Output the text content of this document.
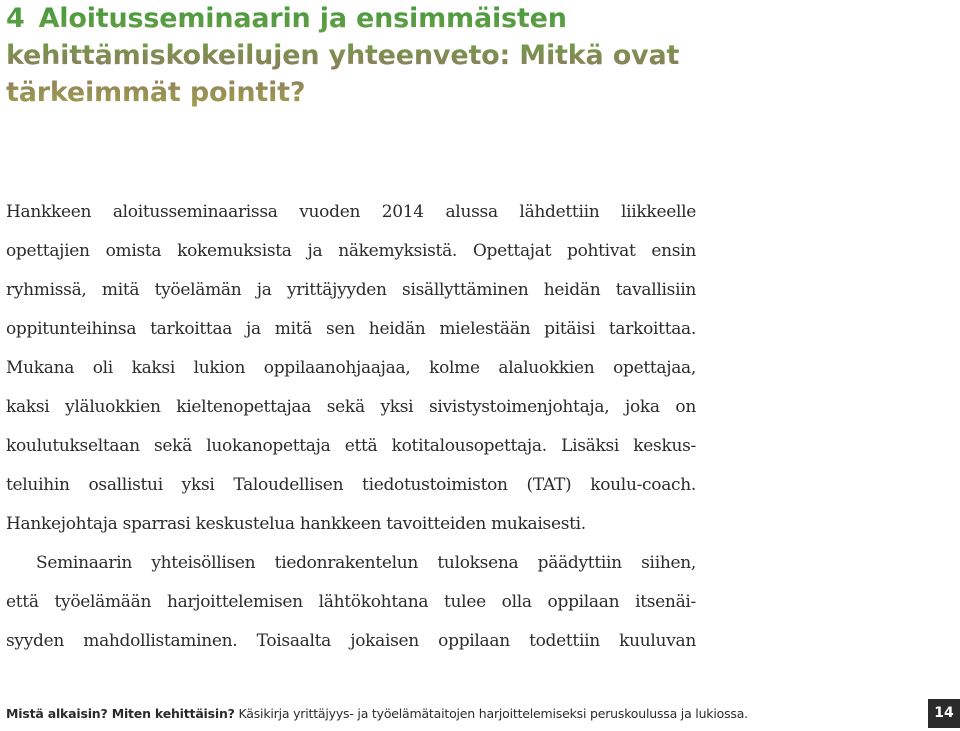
4 Aloitusseminaarin ja ensimmäisten
kehittämiskokeilujen yhteenveto: Mitkä ovat
tärkeimmät pointit?
Hankkeen aloitusseminaarissa vuoden 2014 alussa lähdettiin liikkeelle
opettajien omista kokemuksista ja näkemyksistä. Opettajat pohtivat ensin
ryhmissä, mitä työelämän ja yrittäjyyden sisällyttäminen heidän tavallisiin
oppitunteihinsa tarkoittaa ja mitä sen heidän mielestään pitäisi tarkoittaa.
Mukana oli kaksi lukion oppilaanohjaajaa, kolme alaluokkien opettajaa,
kaksi yläluokkien kieltenopettajaa sekä yksi sivistystoimenjohtaja, joka on
koulutukseltaan sekä luokanopettaja että kotitalousopettaja. Lisäksi keskus-
teluihin osallistui yksi Taloudellisen tiedotustoimiston (TAT) koulu-coach.
Hankejohtaja sparrasi keskustelua hankkeen tavoitteiden mukaisesti.
Seminaarin yhteisöllisen tiedonrakentelun tuloksena päädyttiin siihen,
että työelämään harjoittelemisen lähtökohtana tulee olla oppilaan itsenäi-
syyden mahdollistaminen. Toisaalta jokaisen oppilaan todettiin kuuluvan
Mistä alkaisin? Miten kehittäisin? Käsikirja yrittäjyys- ja työelämätaitojen harjoittelemiseksi peruskoulussa ja lukiossa.	14
